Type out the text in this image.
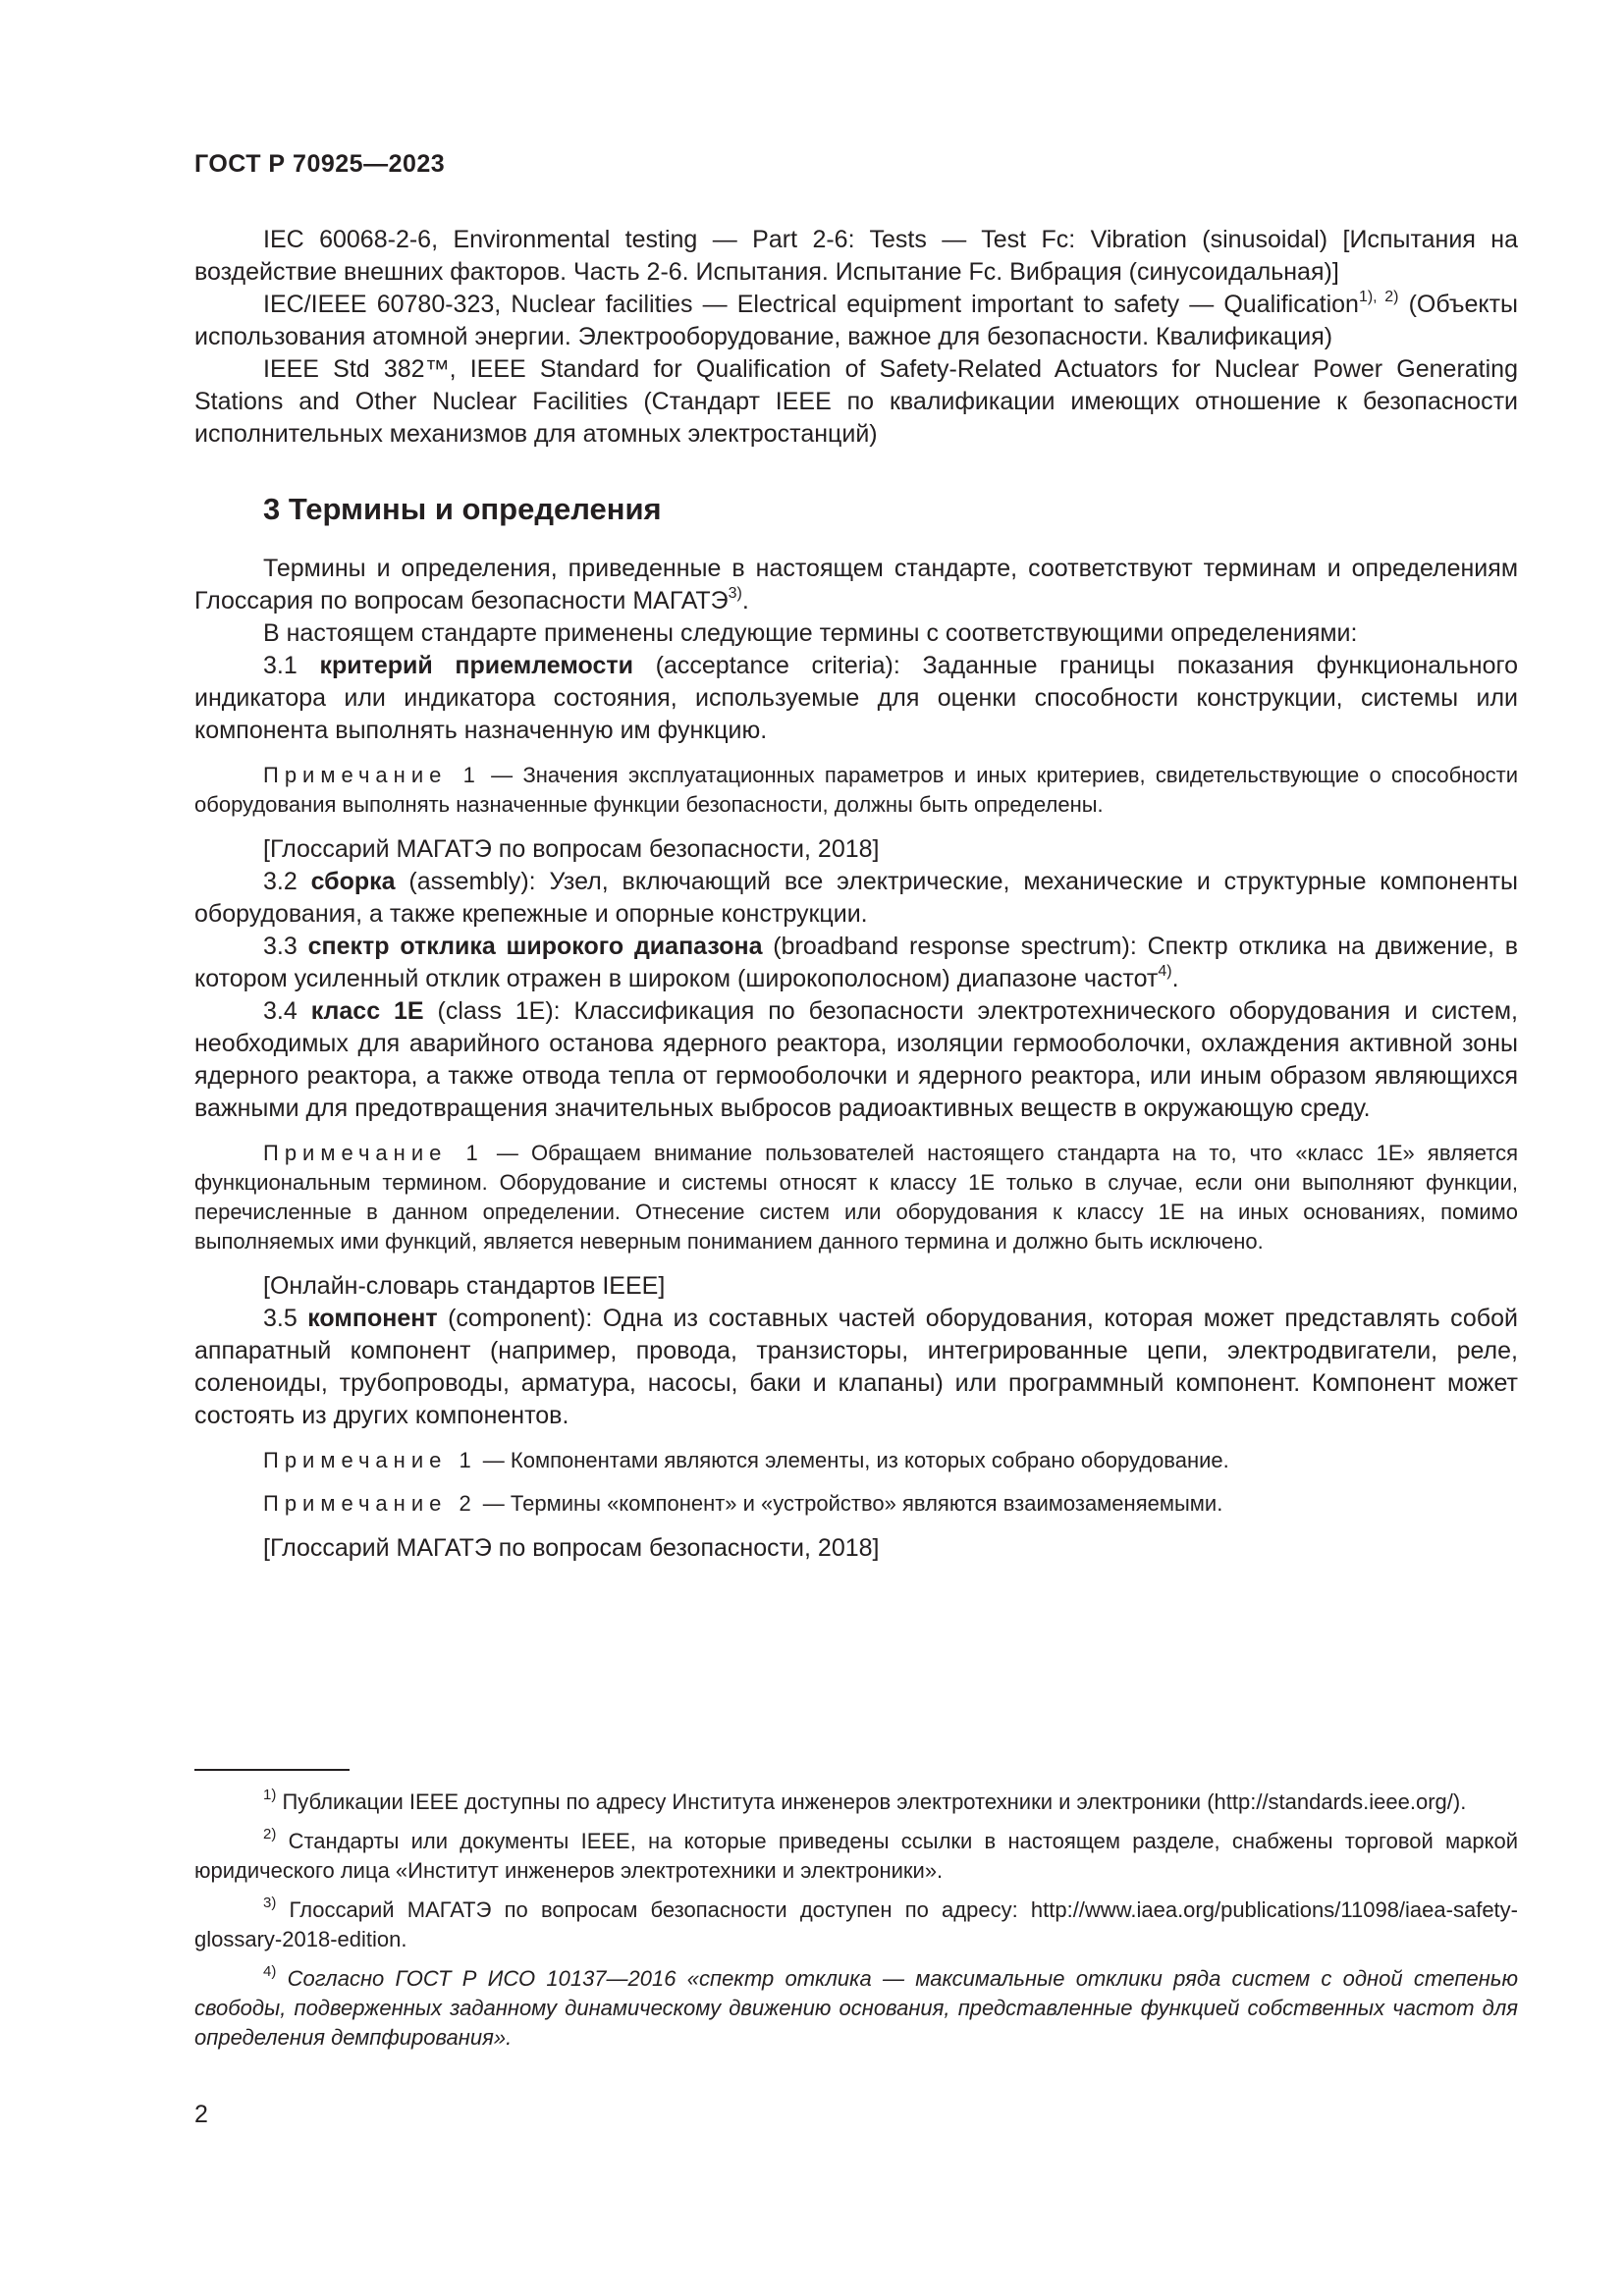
ГОСТ Р 70925—2023

IEC 60068-2-6, Environmental testing — Part 2-6: Tests — Test Fc: Vibration (sinusoidal) [Испытания на воздействие внешних факторов. Часть 2-6. Испытания. Испытание Fc. Вибрация (синусоидальная)]

IEC/IEEE 60780-323, Nuclear facilities — Electrical equipment important to safety — Qualification$^{1), 2)}$ (Объекты использования атомной энергии. Электрооборудование, важное для безопасности. Квалификация)

IEEE Std 382™, IEEE Standard for Qualification of Safety-Related Actuators for Nuclear Power Generating Stations and Other Nuclear Facilities (Стандарт IEEE по квалификации имеющих отношение к безопасности исполнительных механизмов для атомных электростанций)

3 Термины и определения

Термины и определения, приведенные в настоящем стандарте, соответствуют терминам и определениям Глоссария по вопросам безопасности МАГАТЭ$^{3)}$.

В настоящем стандарте применены следующие термины с соответствующими определениями:

3.1 критерий приемлемости (acceptance criteria): Заданные границы показания функционального индикатора или индикатора состояния, используемые для оценки способности конструкции, системы или компонента выполнять назначенную им функцию.

Примечание 1 — Значения эксплуатационных параметров и иных критериев, свидетельствующие о способности оборудования выполнять назначенные функции безопасности, должны быть определены.

[Глоссарий МАГАТЭ по вопросам безопасности, 2018]

3.2 сборка (assembly): Узел, включающий все электрические, механические и структурные компоненты оборудования, а также крепежные и опорные конструкции.

3.3 спектр отклика широкого диапазона (broadband response spectrum): Спектр отклика на движение, в котором усиленный отклик отражен в широком (широкополосном) диапазоне частот$^{4)}$.

3.4 класс 1Е (class 1E): Классификация по безопасности электротехнического оборудования и систем, необходимых для аварийного останова ядерного реактора, изоляции гермооболочки, охлаждения активной зоны ядерного реактора, а также отвода тепла от гермооболочки и ядерного реактора, или иным образом являющихся важными для предотвращения значительных выбросов радиоактивных веществ в окружающую среду.

Примечание 1 — Обращаем внимание пользователей настоящего стандарта на то, что «класс 1Е» является функциональным термином. Оборудование и системы относят к классу 1Е только в случае, если они выполняют функции, перечисленные в данном определении. Отнесение систем или оборудования к классу 1Е на иных основаниях, помимо выполняемых ими функций, является неверным пониманием данного термина и должно быть исключено.

[Онлайн-словарь стандартов IEEE]

3.5 компонент (component): Одна из составных частей оборудования, которая может представлять собой аппаратный компонент (например, провода, транзисторы, интегрированные цепи, электродвигатели, реле, соленоиды, трубопроводы, арматура, насосы, баки и клапаны) или программный компонент. Компонент может состоять из других компонентов.

Примечание 1 — Компонентами являются элементы, из которых собрано оборудование.

Примечание 2 — Термины «компонент» и «устройство» являются взаимозаменяемыми.

[Глоссарий МАГАТЭ по вопросам безопасности, 2018]

$^{1)}$ Публикации IEEE доступны по адресу Института инженеров электротехники и электроники (http://standards.ieee.org/).

$^{2)}$ Стандарты или документы IEEE, на которые приведены ссылки в настоящем разделе, снабжены торговой маркой юридического лица «Институт инженеров электротехники и электроники».

$^{3)}$ Глоссарий МАГАТЭ по вопросам безопасности доступен по адресу: http://www.iaea.org/publications/11098/iaea-safety-glossary-2018-edition.

$^{4)}$ Согласно ГОСТ Р ИСО 10137—2016 «спектр отклика — максимальные отклики ряда систем с одной степенью свободы, подверженных заданному динамическому движению основания, представленные функцией собственных частот для определения демпфирования».

2
